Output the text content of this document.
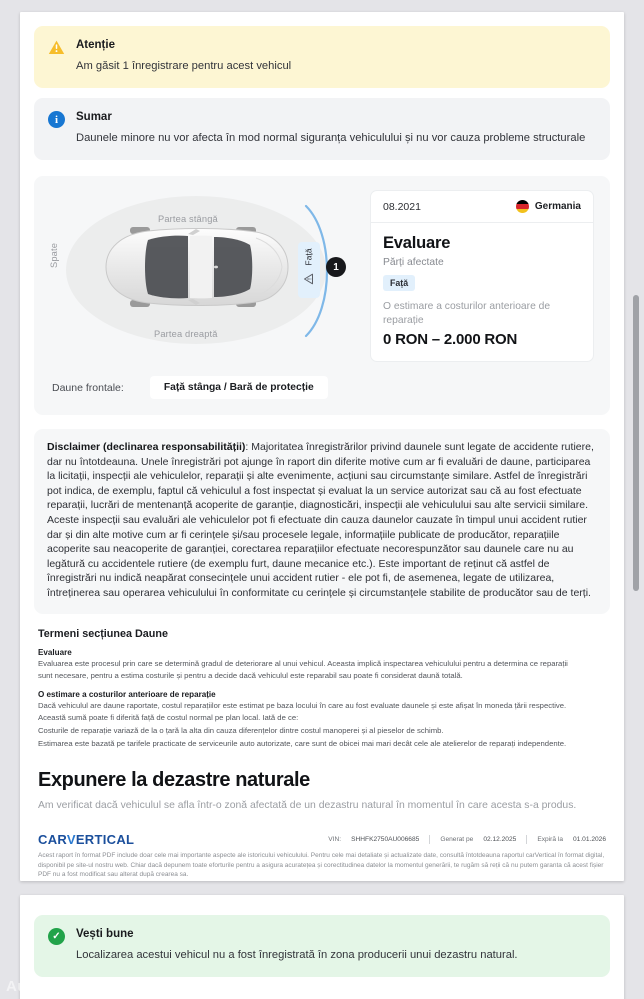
Atenție
Am găsit 1 înregistrare pentru acest vehicul
i	Sumar
Daunele minore nu vor afecta în mod normal siguranța vehiculului și nu vor cauza probleme structurale
Partea stângă
Partea dreaptă
Spate	Față
1
08.2021	Germania
Evaluare
Părți afectate
Față
O estimare a costurilor anterioare de reparație
0 RON – 2.000 RON
Daune frontale:	Față stânga / Bară de protecție
Disclaimer (declinarea responsabilității): Majoritatea înregistrărilor privind daunele sunt legate de accidente rutiere, dar nu întotdeauna. Unele înregistrări pot ajunge în raport din diferite motive cum ar fi evaluări de daune, participarea la licitații, inspecții ale vehiculelor, reparații și alte evenimente, acțiuni sau circumstanțe similare. Astfel de înregistrări pot indica, de exemplu, faptul că vehiculul a fost inspectat și evaluat la un service autorizat sau că au fost efectuate reparații, lucrări de mentenanță acoperite de garanție, diagnosticări, inspecții ale vehiculului sau alte servicii similare. Aceste inspecții sau evaluări ale vehiculelor pot fi efectuate din cauza daunelor cauzate în timpul unui accident rutier dar și din alte motive cum ar fi cerințele și/sau procesele legale, informațiile publicate de producător, reparațiile acoperite sau neacoperite de garanției, corectarea reparațiilor efectuate necorespunzător sau daunele care nu au legătură cu accidentele rutiere (de exemplu furt, daune mecanice etc.). Este important de reținut că astfel de înregistrări nu indică neapărat consecințele unui accident rutier - ele pot fi, de asemenea, legate de utilizarea, întreținerea sau operarea vehiculului în conformitate cu cerințele și circumstanțele stabilite de producător sau de terți.
Termeni secțiunea Daune
Evaluare
Evaluarea este procesul prin care se determină gradul de deteriorare al unui vehicul. Aceasta implică inspectarea vehiculului pentru a determina ce reparații
sunt necesare, pentru a estima costurile și pentru a decide dacă vehiculul este reparabil sau poate fi considerat daună totală.
O estimare a costurilor anterioare de reparație
Dacă vehiculul are daune raportate, costul reparațiilor este estimat pe baza locului în care au fost evaluate daunele și este afișat în moneda țării respective.
Această sumă poate fi diferită față de costul normal pe plan local. Iată de ce:
Costurile de reparație variază de la o țară la alta din cauza diferențelor dintre costul manoperei și al pieselor de schimb.
Estimarea este bazată pe tarifele practicate de serviceurile auto autorizate, care sunt de obicei mai mari decât cele ale atelierelor de reparați independente.
Expunere la dezastre naturale
Am verificat dacă vehiculul se afla într-o zonă afectată de un dezastru natural în momentul în care acesta s-a produs.
CARVERTICAL	VIN: SHHFK2750AU006685	Generat pe 02.12.2025	Expiră la 01.01.2026
Acest raport în format PDF include doar cele mai importante aspecte ale istoricului vehiculului. Pentru cele mai detaliate și actualizate date, consultă întotdeauna raportul carVertical în format digital, disponibil pe site-ul nostru web. Chiar dacă depunem toate eforturile pentru a asigura acuratețea și corectitudinea datelor la momentul generării, te rugăm să reții că nu putem garanta că acest fișier PDF nu a fost modificat sau alterat după crearea sa.
✓	Vești bune
Localizarea acestui vehicul nu a fost înregistrată în zona producerii unui dezastru natural.
Autovit.ro
